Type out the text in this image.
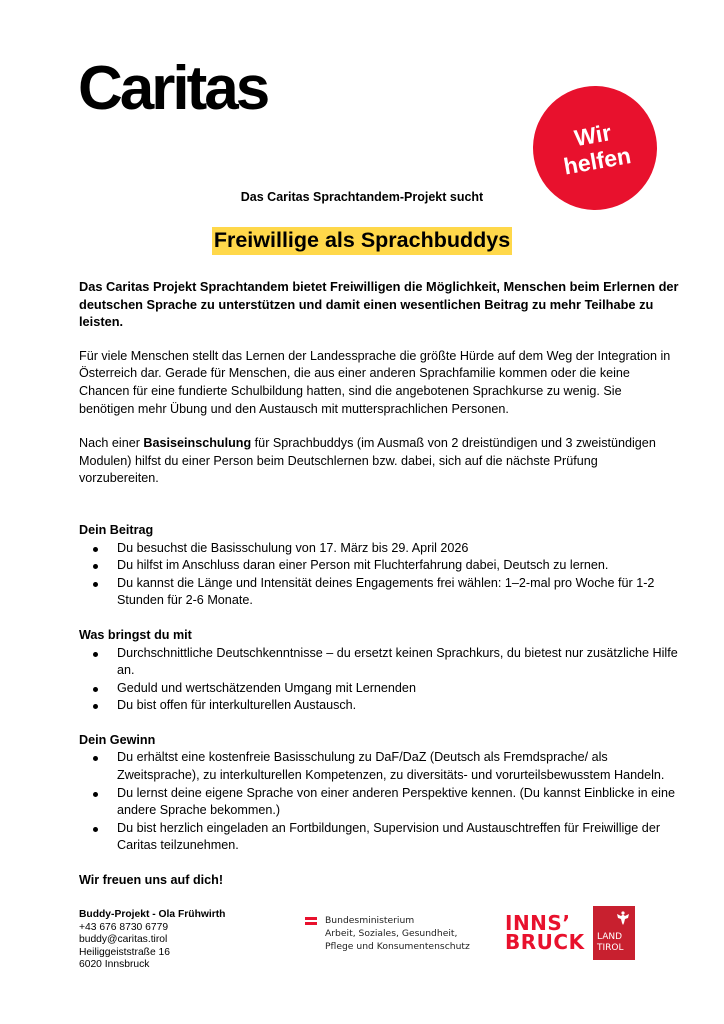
Caritas
Wir
helfen
Das Caritas Sprachtandem-Projekt sucht
Freiwillige als Sprachbuddys

Das Caritas Projekt Sprachtandem bietet Freiwilligen die Möglichkeit, Menschen beim Erlernen der deutschen Sprache zu unterstützen und damit einen wesentlichen Beitrag zu mehr Teilhabe zu leisten.

Für viele Menschen stellt das Lernen der Landessprache die größte Hürde auf dem Weg der Integration in Österreich dar. Gerade für Menschen, die aus einer anderen Sprachfamilie kommen oder die keine Chancen für eine fundierte Schulbildung hatten, sind die angebotenen Sprachkurse zu wenig. Sie benötigen mehr Übung und den Austausch mit muttersprachlichen Personen.

Nach einer Basiseinschulung für Sprachbuddys (im Ausmaß von 2 dreistündigen und 3 zweistündigen Modulen) hilfst du einer Person beim Deutschlernen bzw. dabei, sich auf die nächste Prüfung vorzubereiten.

Dein Beitrag

Du besuchst die Basisschulung von 17. März bis 29. April 2026
Du hilfst im Anschluss daran einer Person mit Fluchterfahrung dabei, Deutsch zu lernen.
Du kannst die Länge und Intensität deines Engagements frei wählen: 1–2-mal pro Woche für 1-2 Stunden für 2-6 Monate.

Was bringst du mit

Durchschnittliche Deutschkenntnisse – du ersetzt keinen Sprachkurs, du bietest nur zusätzliche Hilfe an.
Geduld und wertschätzenden Umgang mit Lernenden
Du bist offen für interkulturellen Austausch.

Dein Gewinn

Du erhältst eine kostenfreie Basisschulung zu DaF/DaZ (Deutsch als Fremdsprache/ als Zweitsprache), zu interkulturellen Kompetenzen, zu diversitäts- und vorurteilsbewusstem Handeln.
Du lernst deine eigene Sprache von einer anderen Perspektive kennen. (Du kannst Einblicke in eine andere Sprache bekommen.)
Du bist herzlich eingeladen an Fortbildungen, Supervision und Austauschtreffen für Freiwillige der Caritas teilzunehmen.

Wir freuen uns auf dich!

Buddy-Projekt - Ola Frühwirth
+43 676 8730 6779
buddy@caritas.tirol
Heiliggeiststraße 16
6020 Innsbruck
Bundesministerium
Arbeit, Soziales, Gesundheit,
Pflege und Konsumentenschutz
INNS’
BRUCK LAND
TIROL
